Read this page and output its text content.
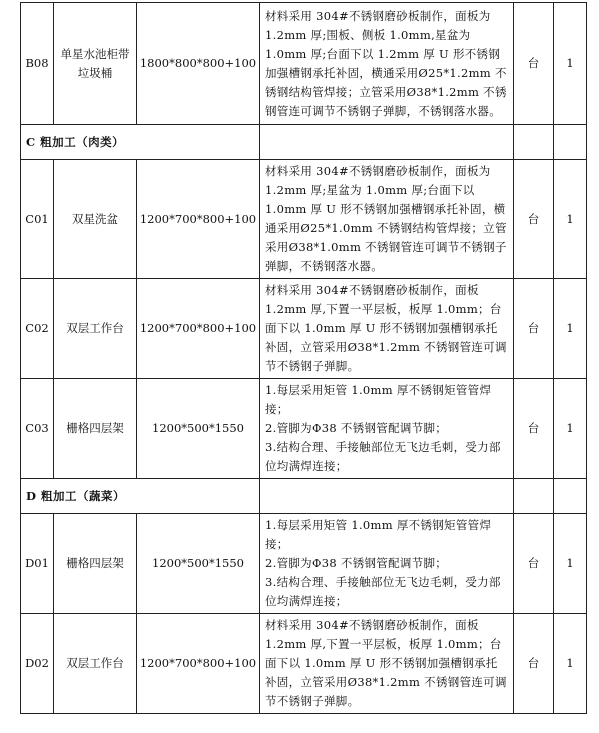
B08	单星水池柜带垃圾桶	1800*800*800+100	材料采用 304#不锈钢磨砂板制作，面板为 1.2mm 厚;围板、侧板 1.0mm,星盆为 1.0mm 厚;台面下以 1.2mm 厚 U 形不锈钢加强槽钢承托补固，横通采用Ø25*1.2mm 不锈钢结构管焊接；立管采用Ø38*1.2mm 不锈钢管连可调节不锈钢子弹脚，不锈钢落水器。	台	1
C 粗加工（肉类）					
C01	双星洗盆	1200*700*800+100	材料采用 304#不锈钢磨砂板制作，面板为 1.2mm 厚;星盆为 1.0mm 厚;台面下以 1.0mm 厚 U 形不锈钢加强槽钢承托补固，横通采用Ø25*1.0mm 不锈钢结构管焊接；立管采用Ø38*1.0mm 不锈钢管连可调节不锈钢子弹脚，不锈钢落水器。	台	1
C02	双层工作台	1200*700*800+100	材料采用 304#不锈钢磨砂板制作，面板 1.2mm 厚,下置一平层板，板厚 1.0mm；台面下以 1.0mm 厚 U 形不锈钢加强槽钢承托补固，立管采用Ø38*1.2mm 不锈钢管连可调节不锈钢子弹脚。	台	1
C03	栅格四层架	1200*500*1550	1.每层采用矩管 1.0mm 厚不锈钢矩管管焊接；
2.管脚为Φ38 不锈钢管配调节脚；
3.结构合理、手接触部位无飞边毛刺，受力部位均满焊连接；	台	1
D 粗加工（蔬菜）					
D01	栅格四层架	1200*500*1550	1.每层采用矩管 1.0mm 厚不锈钢矩管管焊接；
2.管脚为Φ38 不锈钢管配调节脚；
3.结构合理、手接触部位无飞边毛刺，受力部位均满焊连接；	台	1
D02	双层工作台	1200*700*800+100	材料采用 304#不锈钢磨砂板制作，面板 1.2mm 厚,下置一平层板，板厚 1.0mm；台面下以 1.0mm 厚 U 形不锈钢加强槽钢承托补固，立管采用Ø38*1.2mm 不锈钢管连可调节不锈钢子弹脚。	台	1
